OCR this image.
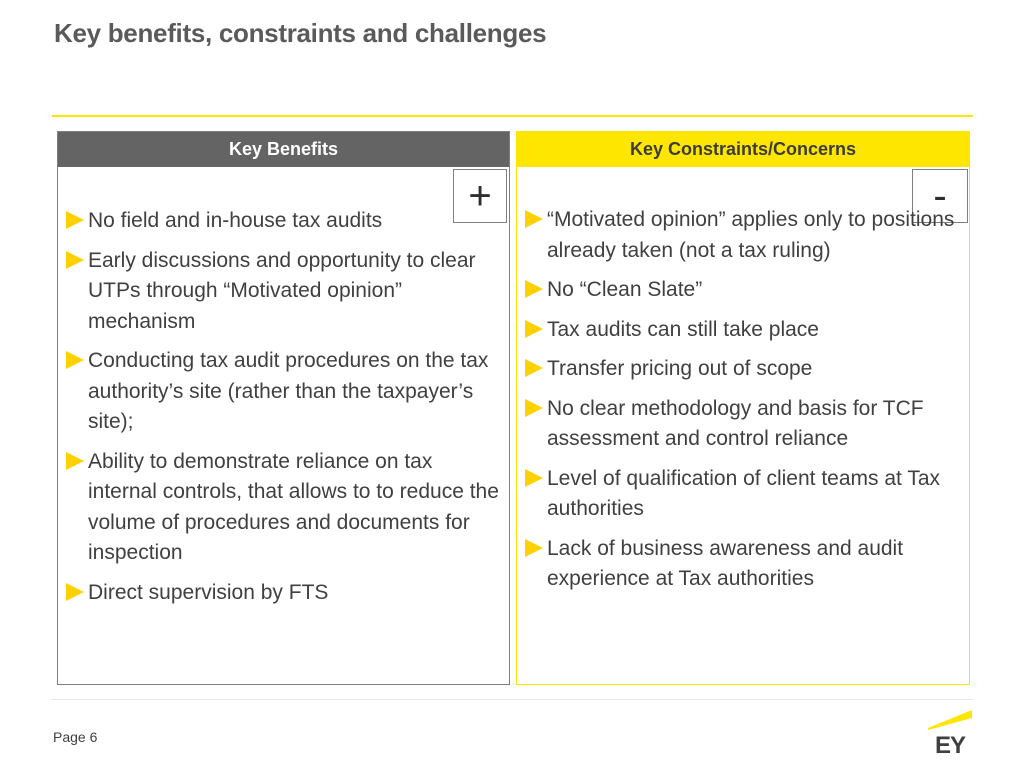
Key benefits, constraints and challenges
Key Benefits
+
No field and in-house tax audits
Early discussions and opportunity to clear UTPs through “Motivated opinion” mechanism
Conducting tax audit procedures on the tax authority’s site (rather than the taxpayer’s site);
Ability to demonstrate reliance on tax internal controls, that allows to to reduce the volume of procedures and documents for inspection
Direct supervision by FTS
Key Constraints/Concerns
-
“Motivated opinion” applies only to positions already taken (not a tax ruling)
No “Clean Slate”
Tax audits can still take place
Transfer pricing out of scope
No clear methodology and basis for TCF assessment and control reliance
Level of qualification of client teams at Tax authorities
Lack of business awareness and audit experience at Tax authorities
Page 6	EY
